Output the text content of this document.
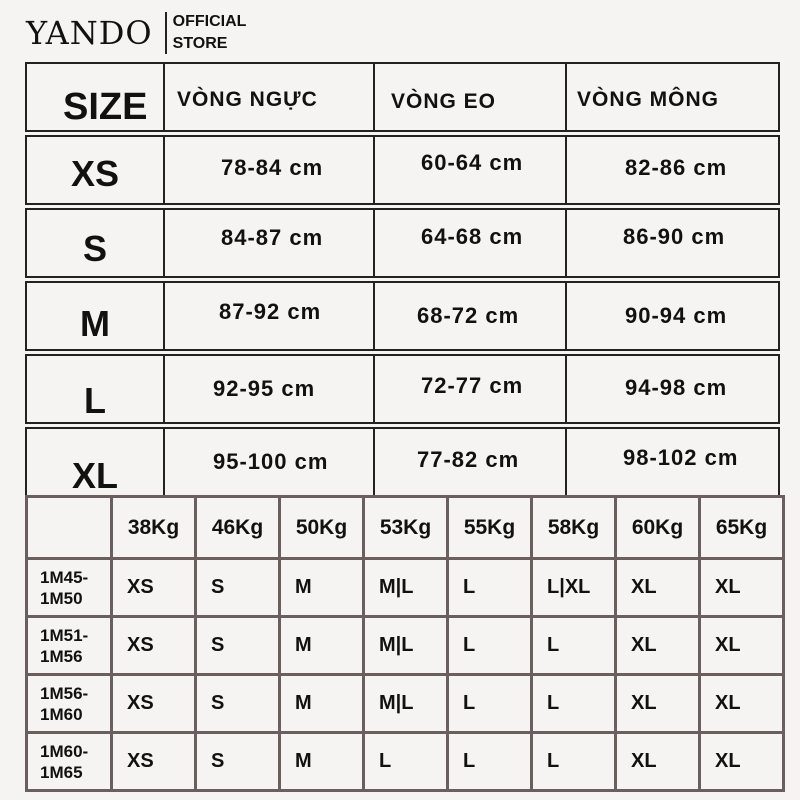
YANDO OFFICIAL
STORE
SIZE VÒNG NGỰC	VÒNG EO	VÒNG MÔNG
XS	78-84 cm	60-64 cm	82-86 cm
S	84-87 cm	64-68 cm	86-90 cm
M	87-92 cm	68-72 cm	90-94 cm
L	92-95 cm	72-77 cm	94-98 cm
XL	95-100 cm	77-82 cm	98-102 cm
	38Kg	46Kg	50Kg	53Kg	55Kg	58Kg	60Kg	65Kg

1M45-
1M50	XS	S	M	M|L	L	L|XL	XL	XL

1M51-
1M56	XS	S	M	M|L	L	L	XL	XL

1M56-
1M60	XS	S	M	M|L	L	L	XL	XL

1M60-
1M65	XS	S	M	L	L	L	XL	XL
